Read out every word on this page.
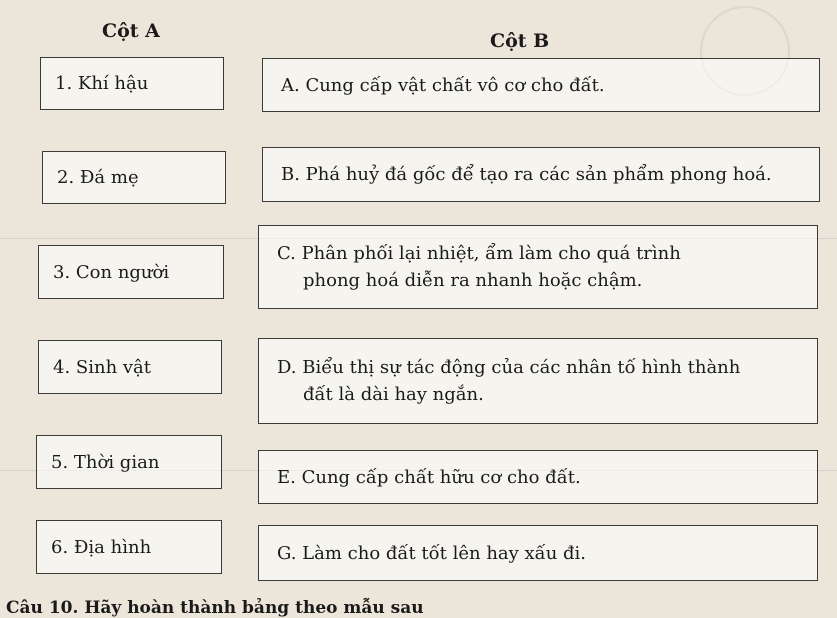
Cột A	Cột B
1. Khí hậu
2. Đá mẹ
3. Con người
4. Sinh vật
5. Thời gian
6. Địa hình
A. Cung cấp vật chất vô cơ cho đất.
B. Phá huỷ đá gốc để tạo ra các sản phẩm phong hoá.
C. Phân phối lại nhiệt, ẩm làm cho quá trình
phong hoá diễn ra nhanh hoặc chậm.
D. Biểu thị sự tác động của các nhân tố hình thành
đất là dài hay ngắn.
E. Cung cấp chất hữu cơ cho đất.
G. Làm cho đất tốt lên hay xấu đi.
Câu 10. Hãy hoàn thành bảng theo mẫu sau
